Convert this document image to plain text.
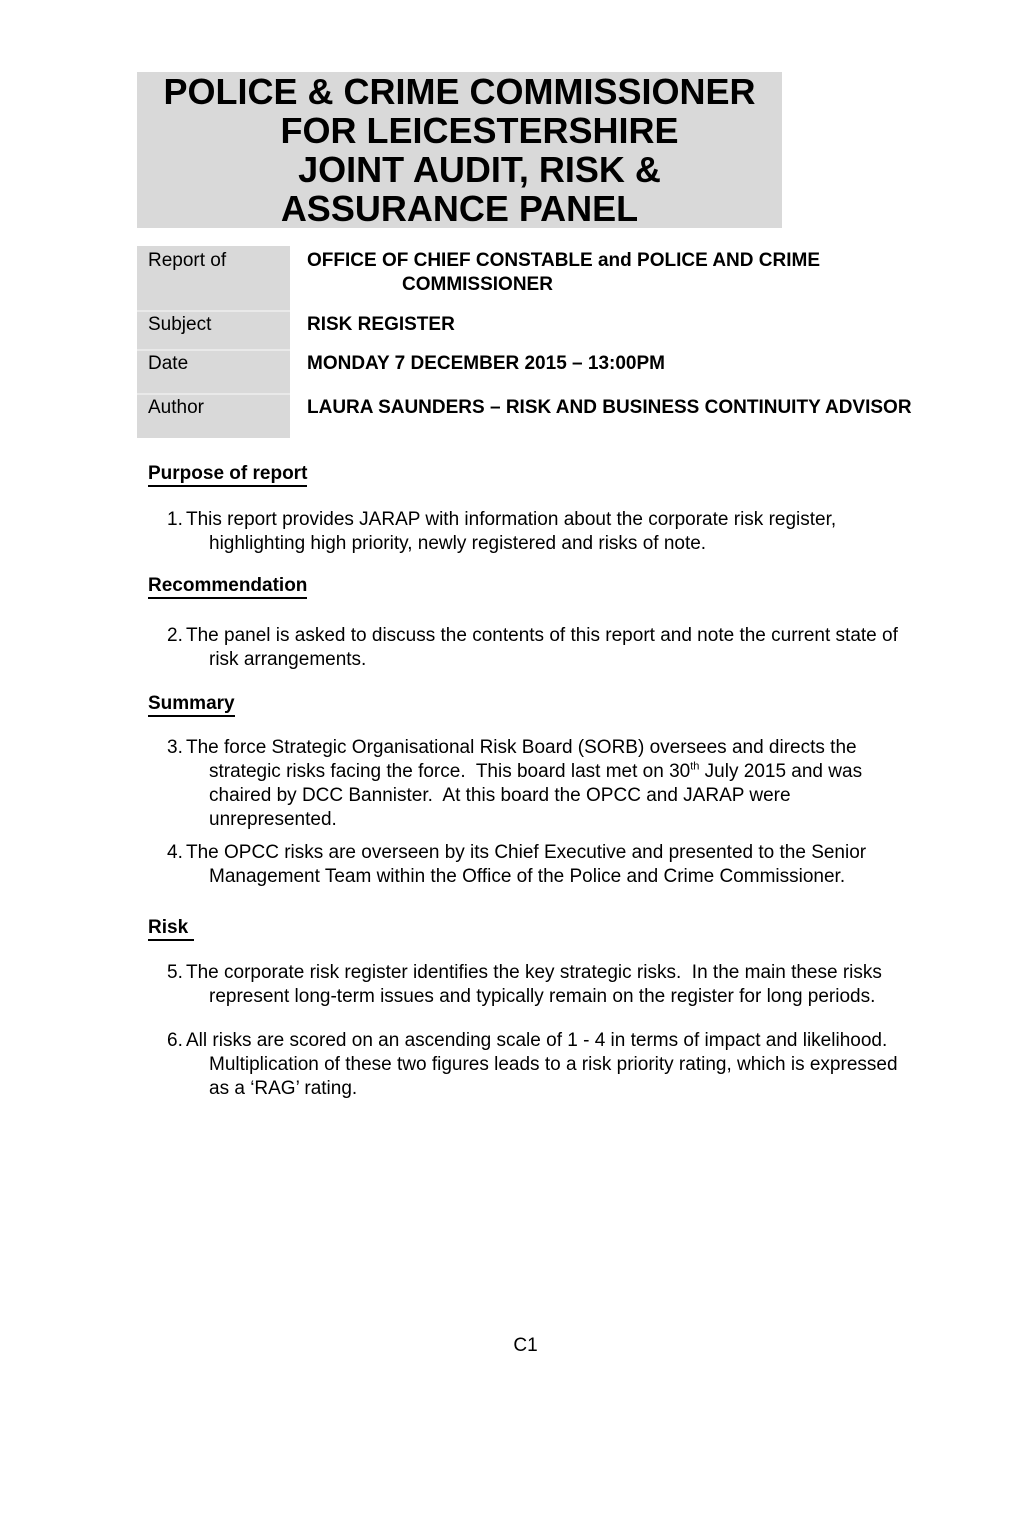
POLICE & CRIME COMMISSIONER
FOR LEICESTERSHIRE
JOINT AUDIT, RISK &
ASSURANCE PANEL
Report of	OFFICE OF CHIEF CONSTABLE and POLICE AND CRIME
COMMISSIONER
Subject	RISK REGISTER
Date	MONDAY 7 DECEMBER 2015 – 13:00PM
Author	LAURA SAUNDERS – RISK AND BUSINESS CONTINUITY ADVISOR
Purpose of report
1. This report provides JARAP with information about the corporate risk register, highlighting high priority, newly registered and risks of note.
Recommendation
2. The panel is asked to discuss the contents of this report and note the current state of risk arrangements.
Summary
3. The force Strategic Organisational Risk Board (SORB) oversees and directs the strategic risks facing the force.  This board last met on 30th July 2015 and was chaired by DCC Bannister.  At this board the OPCC and JARAP were unrepresented.
4. The OPCC risks are overseen by its Chief Executive and presented to the Senior Management Team within the Office of the Police and Crime Commissioner.
Risk
5. The corporate risk register identifies the key strategic risks.  In the main these risks represent long-term issues and typically remain on the register for long periods.
6. All risks are scored on an ascending scale of 1 - 4 in terms of impact and likelihood.  Multiplication of these two figures leads to a risk priority rating, which is expressed as a ‘RAG’ rating.
C1
